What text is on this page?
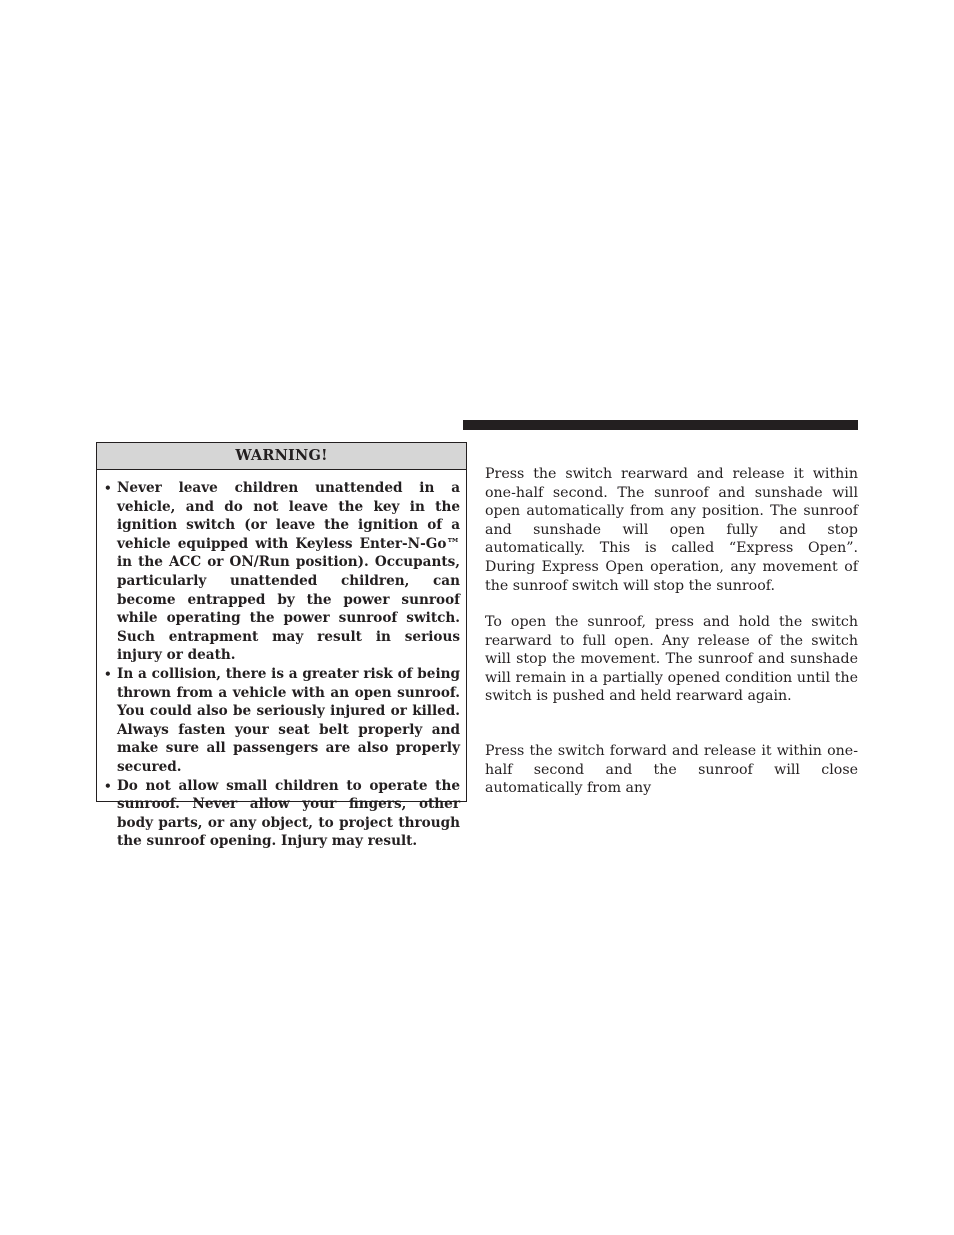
WARNING!
• Never leave children unattended in a vehicle, and do not leave the key in the ignition switch (or leave the ignition of a vehicle equipped with Keyless Enter-N-Go™ in the ACC or ON/Run position). Occupants, particularly unattended children, can become entrapped by the power sunroof while operating the power sunroof switch. Such entrapment may result in serious injury or death.
• In a collision, there is a greater risk of being thrown from a vehicle with an open sunroof. You could also be seriously injured or killed. Always fasten your seat belt properly and make sure all passengers are also properly secured.
• Do not allow small children to operate the sunroof. Never allow your fingers, other body parts, or any object, to project through the sunroof opening. Injury may result.

Press the switch rearward and release it within one-half second. The sunroof and sunshade will open automatically from any position. The sunroof and sunshade will open fully and stop automatically. This is called “Express Open”. During Express Open operation, any movement of the sunroof switch will stop the sunroof.

To open the sunroof, press and hold the switch rearward to full open. Any release of the switch will stop the movement. The sunroof and sunshade will remain in a partially opened condition until the switch is pushed and held rearward again.

Press the switch forward and release it within one-half second and the sunroof will close automatically from any
